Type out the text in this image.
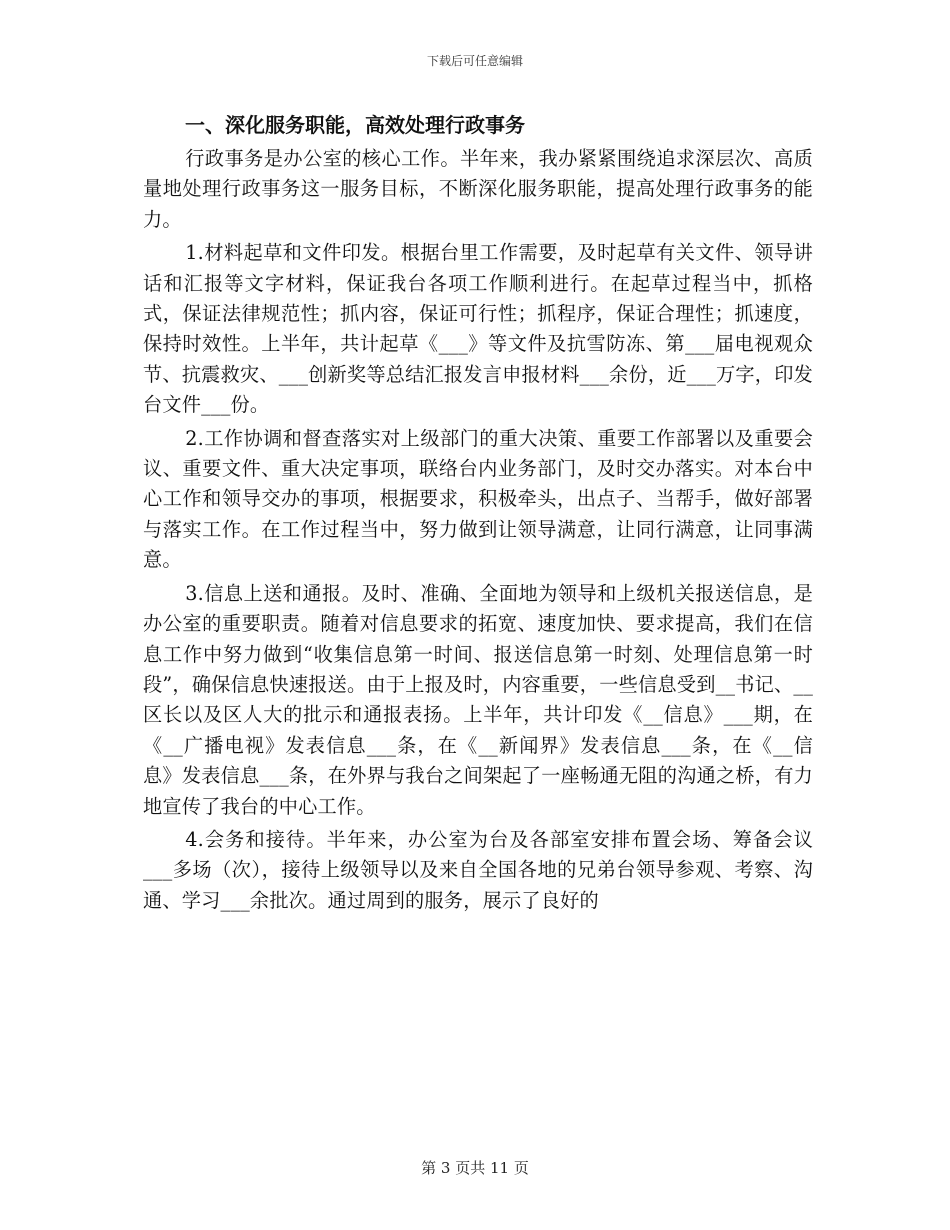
下载后可任意编辑
一、深化服务职能，高效处理行政事务

行政事务是办公室的核心工作。半年来，我办紧紧围绕追求深层次、高质量地处理行政事务这一服务目标，不断深化服务职能，提高处理行政事务的能力。

1.材料起草和文件印发。根据台里工作需要，及时起草有关文件、领导讲话和汇报等文字材料，保证我台各项工作顺利进行。在起草过程当中，抓格式，保证法律规范性；抓内容，保证可行性；抓程序，保证合理性；抓速度，保持时效性。上半年，共计起草《___》等文件及抗雪防冻、第___届电视观众节、抗震救灾、___创新奖等总结汇报发言申报材料___余份，近___万字，印发台文件___份。

2.工作协调和督查落实对上级部门的重大决策、重要工作部署以及重要会议、重要文件、重大决定事项，联络台内业务部门，及时交办落实。对本台中心工作和领导交办的事项，根据要求，积极牵头，出点子、当帮手，做好部署与落实工作。在工作过程当中，努力做到让领导满意，让同行满意，让同事满意。

3.信息上送和通报。及时、准确、全面地为领导和上级机关报送信息，是办公室的重要职责。随着对信息要求的拓宽、速度加快、要求提高，我们在信息工作中努力做到“收集信息第一时间、报送信息第一时刻、处理信息第一时段”，确保信息快速报送。由于上报及时，内容重要，一些信息受到__书记、__区长以及区人大的批示和通报表扬。上半年，共计印发《__信息》___期，在《__广播电视》发表信息___条，在《__新闻界》发表信息___条，在《__信息》发表信息___条，在外界与我台之间架起了一座畅通无阻的沟通之桥，有力地宣传了我台的中心工作。

4.会务和接待。半年来，办公室为台及各部室安排布置会场、筹备会议___多场（次），接待上级领导以及来自全国各地的兄弟台领导参观、考察、沟通、学习___余批次。通过周到的服务，展示了良好的

第 3 页共 11 页
